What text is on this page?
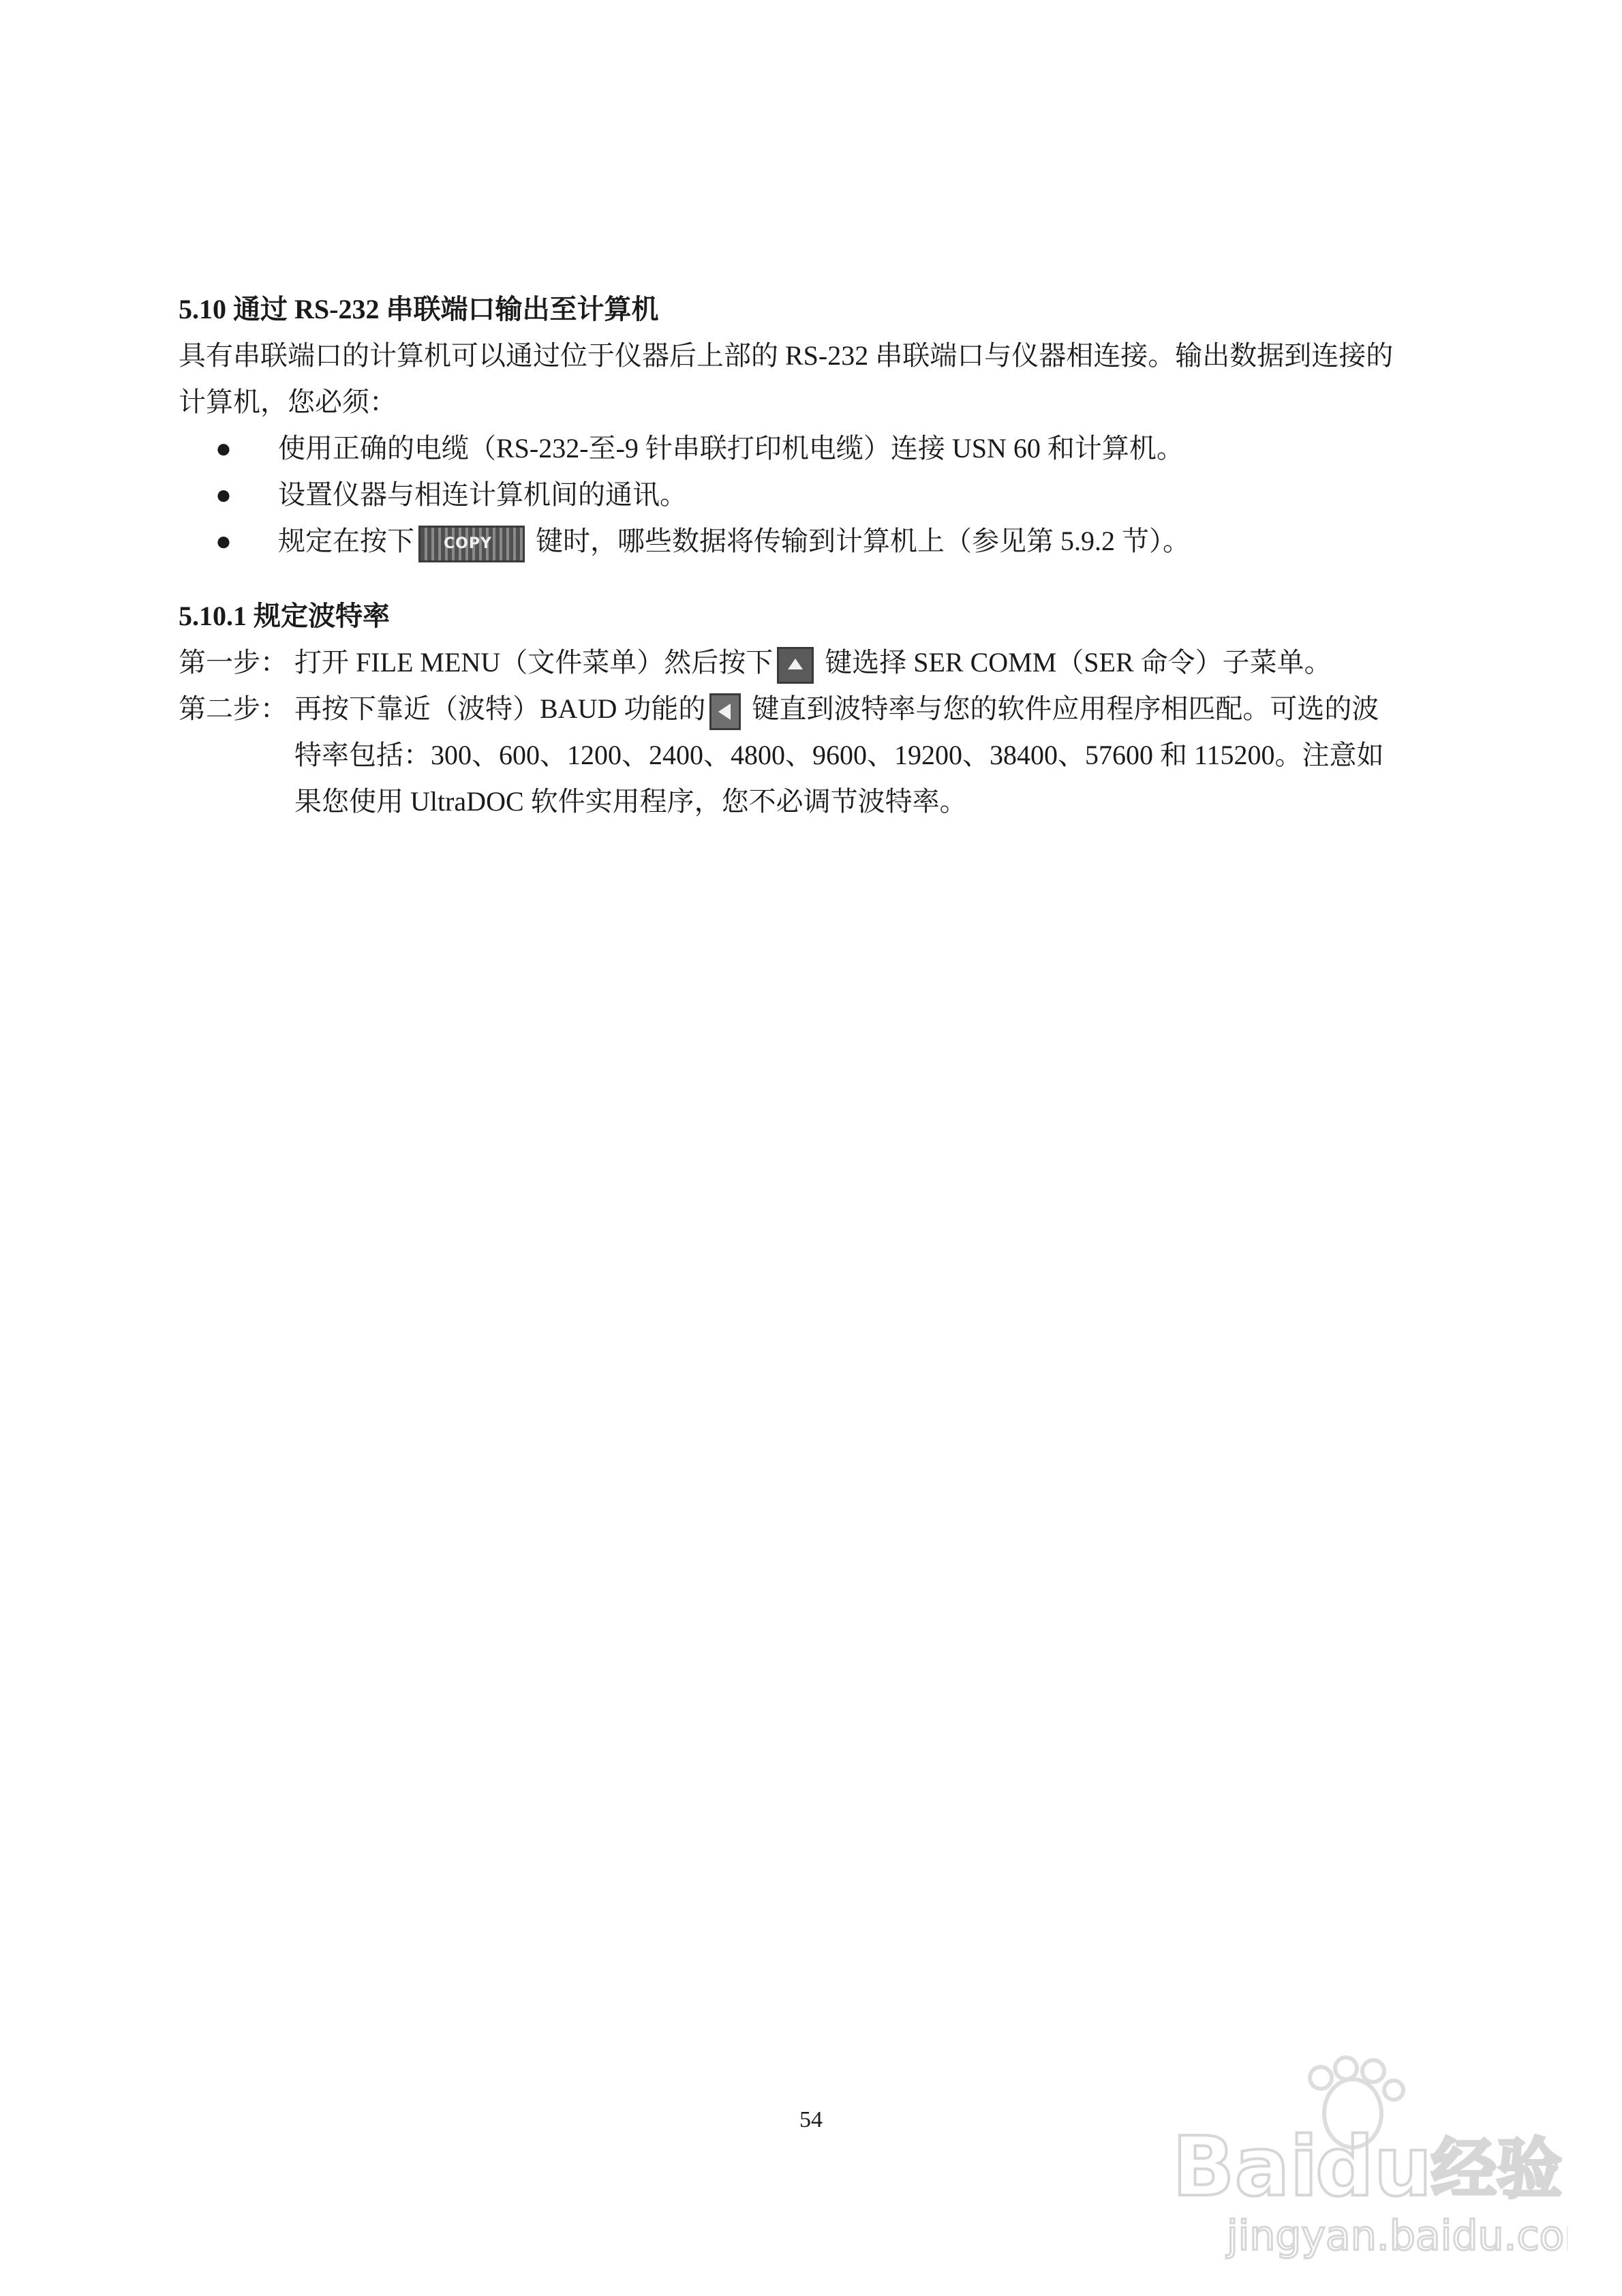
5.10 通过 RS-232 串联端口输出至计算机

具有串联端口的计算机可以通过位于仪器后上部的 RS-232 串联端口与仪器相连接。输出数据到连接的

计算机，您必须：

● 使用正确的电缆（RS-232-至-9 针串联打印机电缆）连接 USN 60 和计算机。
● 设置仪器与相连计算机间的通讯。
● 规定在按下 COPY 键时，哪些数据将传输到计算机上（参见第 5.9.2 节）。

5.10.1 规定波特率

第一步： 打开 FILE MENU（文件菜单）然后按下
键选择 SER COMM（SER 命令）子菜单。
第二步： 再按下靠近（波特）BAUD 功能的
键直到波特率与您的软件应用程序相匹配。可选的波
特率包括：300、600、1200、2400、4800、9600、19200、38400、57600 和 115200。注意如
果您使用 UltraDOC 软件实用程序，您不必调节波特率。
54
Bai
du
经验
jingyan.baidu.com
